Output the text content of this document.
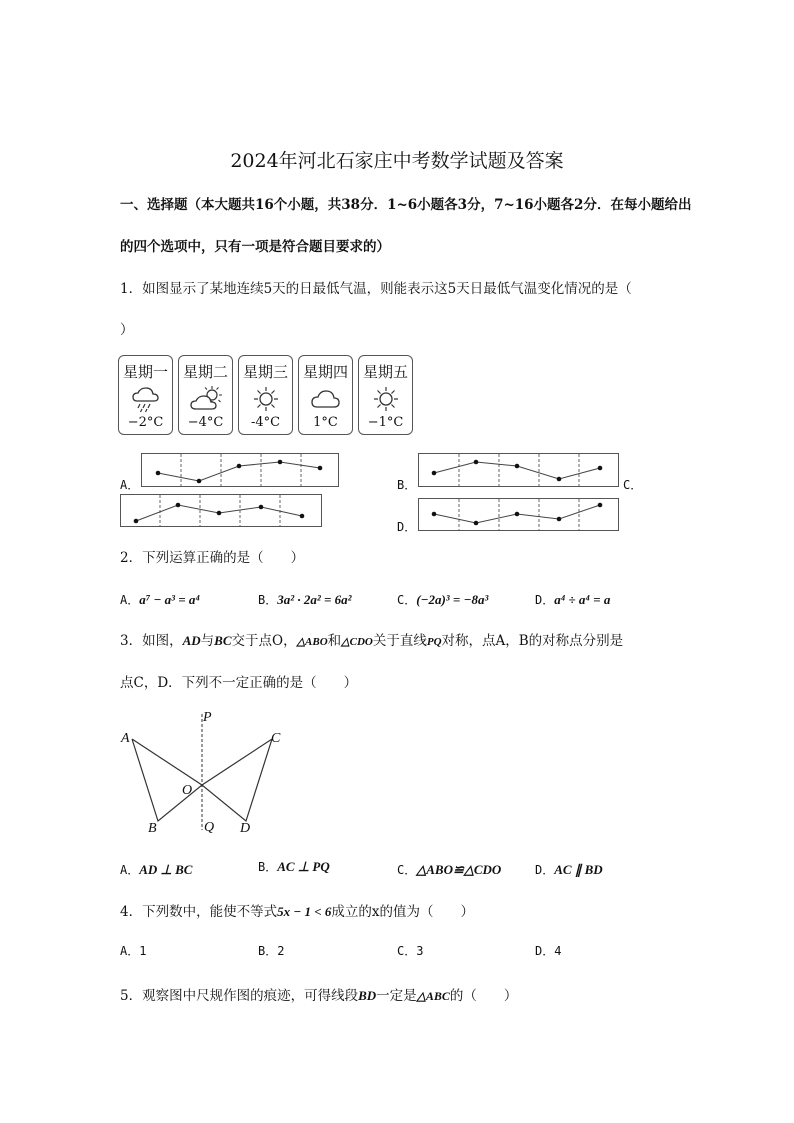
2024年河北石家庄中考数学试题及答案
一、选择题（本大题共16个小题，共38分．1~6小题各3分，7~16小题各2分．在每小题给出
的四个选项中，只有一项是符合题目要求的）
1．如图显示了某地连续5天的日最低气温，则能表示这5天日最低气温变化情况的是（
）
星期一
−2°C
星期二
−4°C
星期三
-4°C
星期四
1°C
星期五
−1°C
A．	B．	C．
D．
2．下列运算正确的是（　　）
A．a⁷ − a³ = a⁴	B．3a² · 2a² = 6a²	C．(−2a)³ = −8a³	D．a⁴ ÷ a⁴ = a
3．如图，AD与BC交于点O，△ABO和△CDO关于直线PQ对称，点A，B的对称点分别是
点C，D．下列不一定正确的是（　　）
A
B
C
D
O
P
Q
A．AD ⊥ BC	B．AC ⊥ PQ	C．△ABO≌△CDO	D．AC ∥ BD
4．下列数中，能使不等式5x − 1 < 6成立的x的值为（　　）
A．1	B．2	C．3	D．4
5．观察图中尺规作图的痕迹，可得线段BD一定是△ABC的（　　）
